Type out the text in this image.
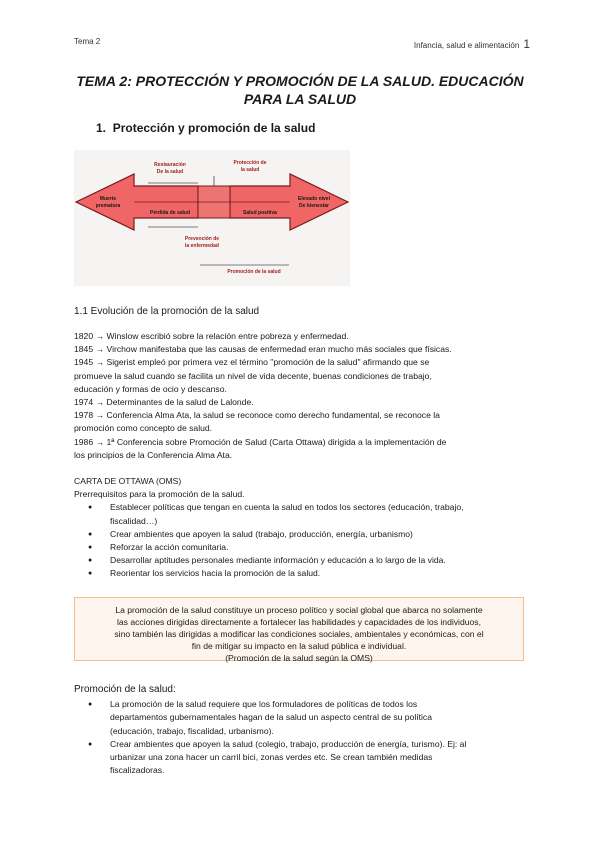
Tema 2	Infancia, salud e alimentación 1
TEMA 2: PROTECCIÓN Y PROMOCIÓN DE LA SALUD. EDUCACIÓN
PARA LA SALUD
1. Protección y promoción de la salud
Restauración
De la salud
Protección de
la salud
Prevención de
la enfermedad
Promoción de la salud
Muerte
prematura
Elevado nivel
De bienestar
Pérdida de salud	Salud positiva

1.1 Evolución de la promoción de la salud

1820 → Winslow escribió sobre la relación entre pobreza y enfermedad.

1845 → Virchow manifestaba que las causas de enfermedad eran mucho más sociales que físicas.

1945 → Sigerist empleó por primera vez el término "promoción de la salud" afirmando que se

promueve la salud cuando se facilita un nivel de vida decente, buenas condiciones de trabajo,

educación y formas de ocio y descanso.

1974 → Determinantes de la salud de Lalonde.

1978 → Conferencia Alma Ata, la salud se reconoce como derecho fundamental, se reconoce la

promoción como concepto de salud.

1986 → 1ª Conferencia sobre Promoción de Salud (Carta Ottawa) dirigida a la implementación de

los principios de la Conferencia Alma Ata.

CARTA DE OTTAWA (OMS)

Prerrequisitos para la promoción de la salud.

● Establecer políticas que tengan en cuenta la salud en todos los sectores (educación, trabajo,
fiscalidad…)
● Crear ambientes que apoyen la salud (trabajo, producción, energía, urbanismo)
● Reforzar la acción comunitaria.
● Desarrollar aptitudes personales mediante información y educación a lo largo de la vida.
● Reorientar los servicios hacia la promoción de la salud.

La promoción de la salud constituye un proceso político y social global que abarca no solamente

las acciones dirigidas directamente a fortalecer las habilidades y capacidades de los individuos,

sino también las dirigidas a modificar las condiciones sociales, ambientales y económicas, con el

fin de mitigar su impacto en la salud pública e individual.

(Promoción de la salud según la OMS)

Promoción de la salud:

● La promoción de la salud requiere que los formuladores de políticas de todos los
departamentos gubernamentales hagan de la salud un aspecto central de su política
(educación, trabajo, fiscalidad, urbanismo).
● Crear ambientes que apoyen la salud (colegio, trabajo, producción de energía, turismo). Ej: al
urbanizar una zona hacer un carril bici, zonas verdes etc. Se crean también medidas
fiscalizadoras.
